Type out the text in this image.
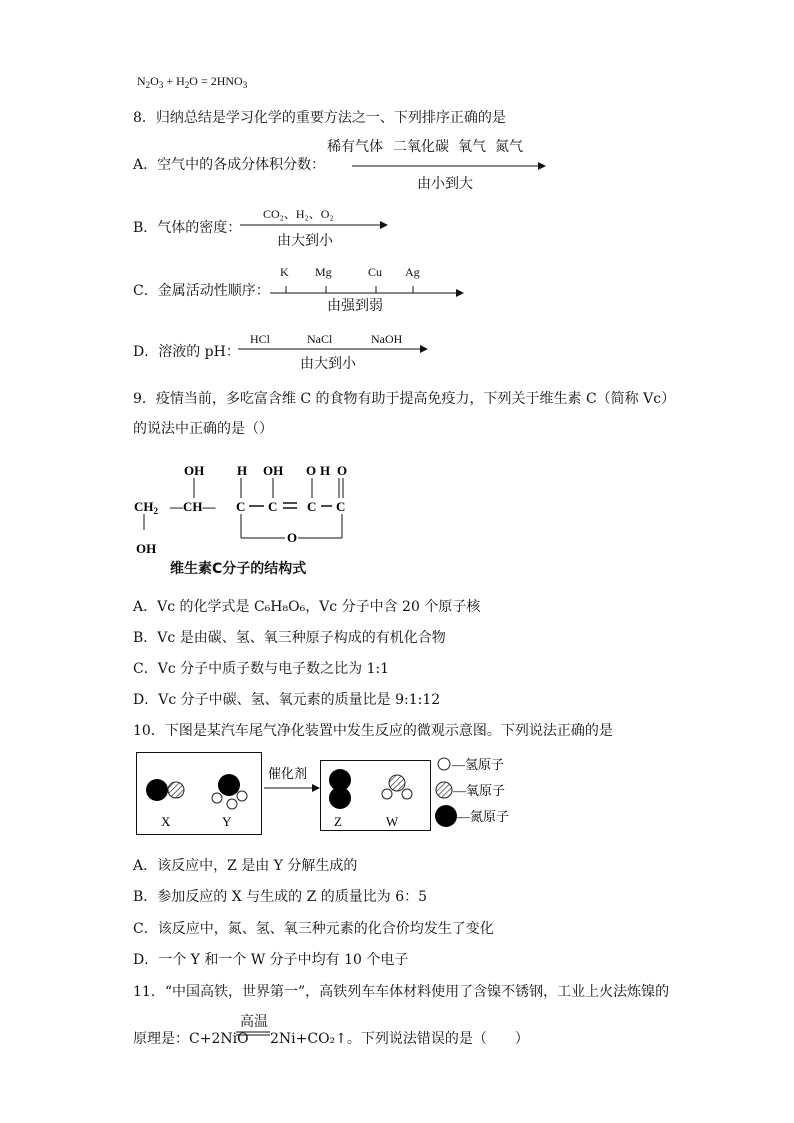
$N_2O_3 + H_2O = 2HNO_3$
8．归纳总结是学习化学的重要方法之一、下列排序正确的是
A．空气中的各成分体积分数：
稀有气体 二氧化碳 氧气 氮气
由小到大
B．气体的密度：
CO₂、H₂、O₂
由大到小
C．金属活动性顺序：
K Mg	Cu Ag
由强到弱
D．溶液的 pH：
HCl	NaCl	NaOH
由大到小
9．疫情当前，多吃富含维 C 的食物有助于提高免疫力，下列关于维生素 C（简称 Vc）
的说法中正确的是（）
OH	H OH O H O
$CH_2$ —CH— C C C C
O
OH
维生素C分子的结构式
A．Vc 的化学式是 C₆H₈O₆，Vc 分子中含 20 个原子核
B．Vc 是由碳、氢、氧三种原子构成的有机化合物
C．Vc 分子中质子数与电子数之比为 1:1
D．Vc 分子中碳、氢、氧元素的质量比是 9:1:12
10．下图是某汽车尾气净化装置中发生反应的微观示意图。下列说法正确的是
X	Y
催化剂
Z	W
—氢原子
—氧原子
—氮原子
A．该反应中，Z 是由 Y 分解生成的
B．参加反应的 X 与生成的 Z 的质量比为 6：5
C．该反应中，氮、氢、氧三种元素的化合价均发生了变化
D．一个 Y 和一个 W 分子中均有 10 个电子
11．“中国高铁，世界第一”，高铁列车车体材料使用了含镍不锈钢，工业上火法炼镍的
原理是：C+2NiO
高温
2Ni+CO₂↑。下列说法错误的是（　　）
